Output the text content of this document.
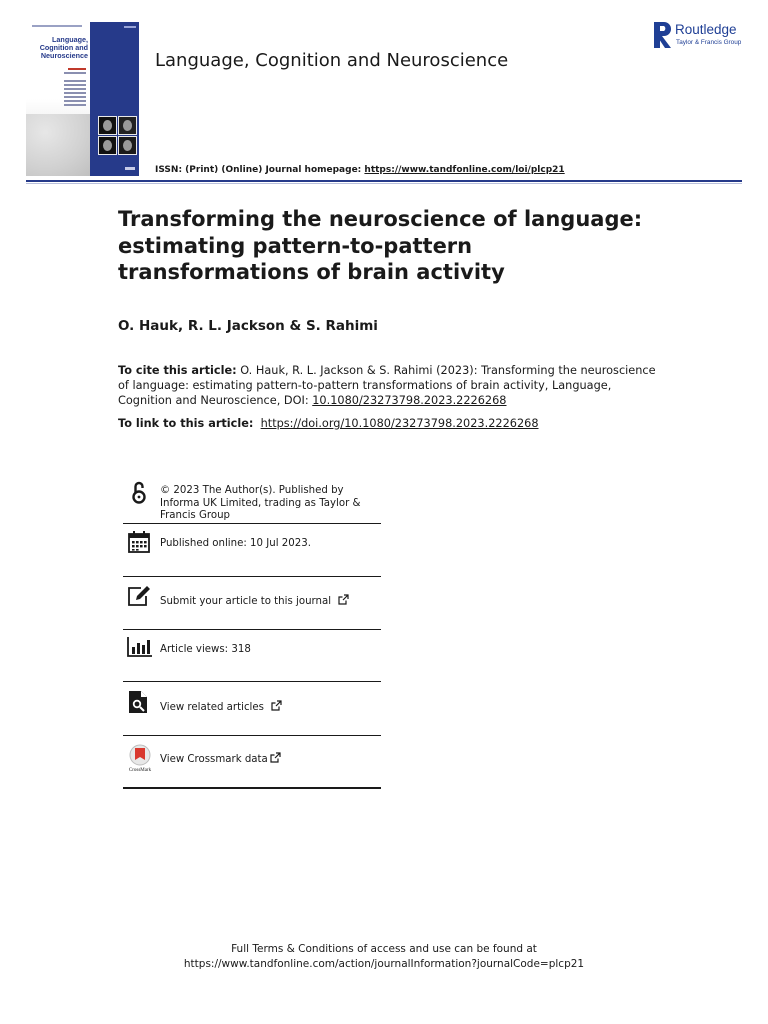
Language,
Cognition and
Neuroscience	Language, Cognition and Neuroscience
ISSN: (Print) (Online) Journal homepage: https://www.tandfonline.com/loi/plcp21
Routledge
Taylor & Francis Group
Transforming the neuroscience of language: estimating pattern-to-pattern transformations of brain activity
O. Hauk, R. L. Jackson & S. Rahimi
To cite this article: O. Hauk, R. L. Jackson & S. Rahimi (2023): Transforming the neuroscience of language: estimating pattern-to-pattern transformations of brain activity, Language, Cognition and Neuroscience, DOI: 10.1080/23273798.2023.2226268
To link to this article: https://doi.org/10.1080/23273798.2023.2226268
© 2023 The Author(s). Published by Informa UK Limited, trading as Taylor & Francis Group
Published online: 10 Jul 2023.
Submit your article to this journal
Article views: 318
View related articles
CrossMark
View Crossmark data
Full Terms & Conditions of access and use can be found at
https://www.tandfonline.com/action/journalInformation?journalCode=plcp21
